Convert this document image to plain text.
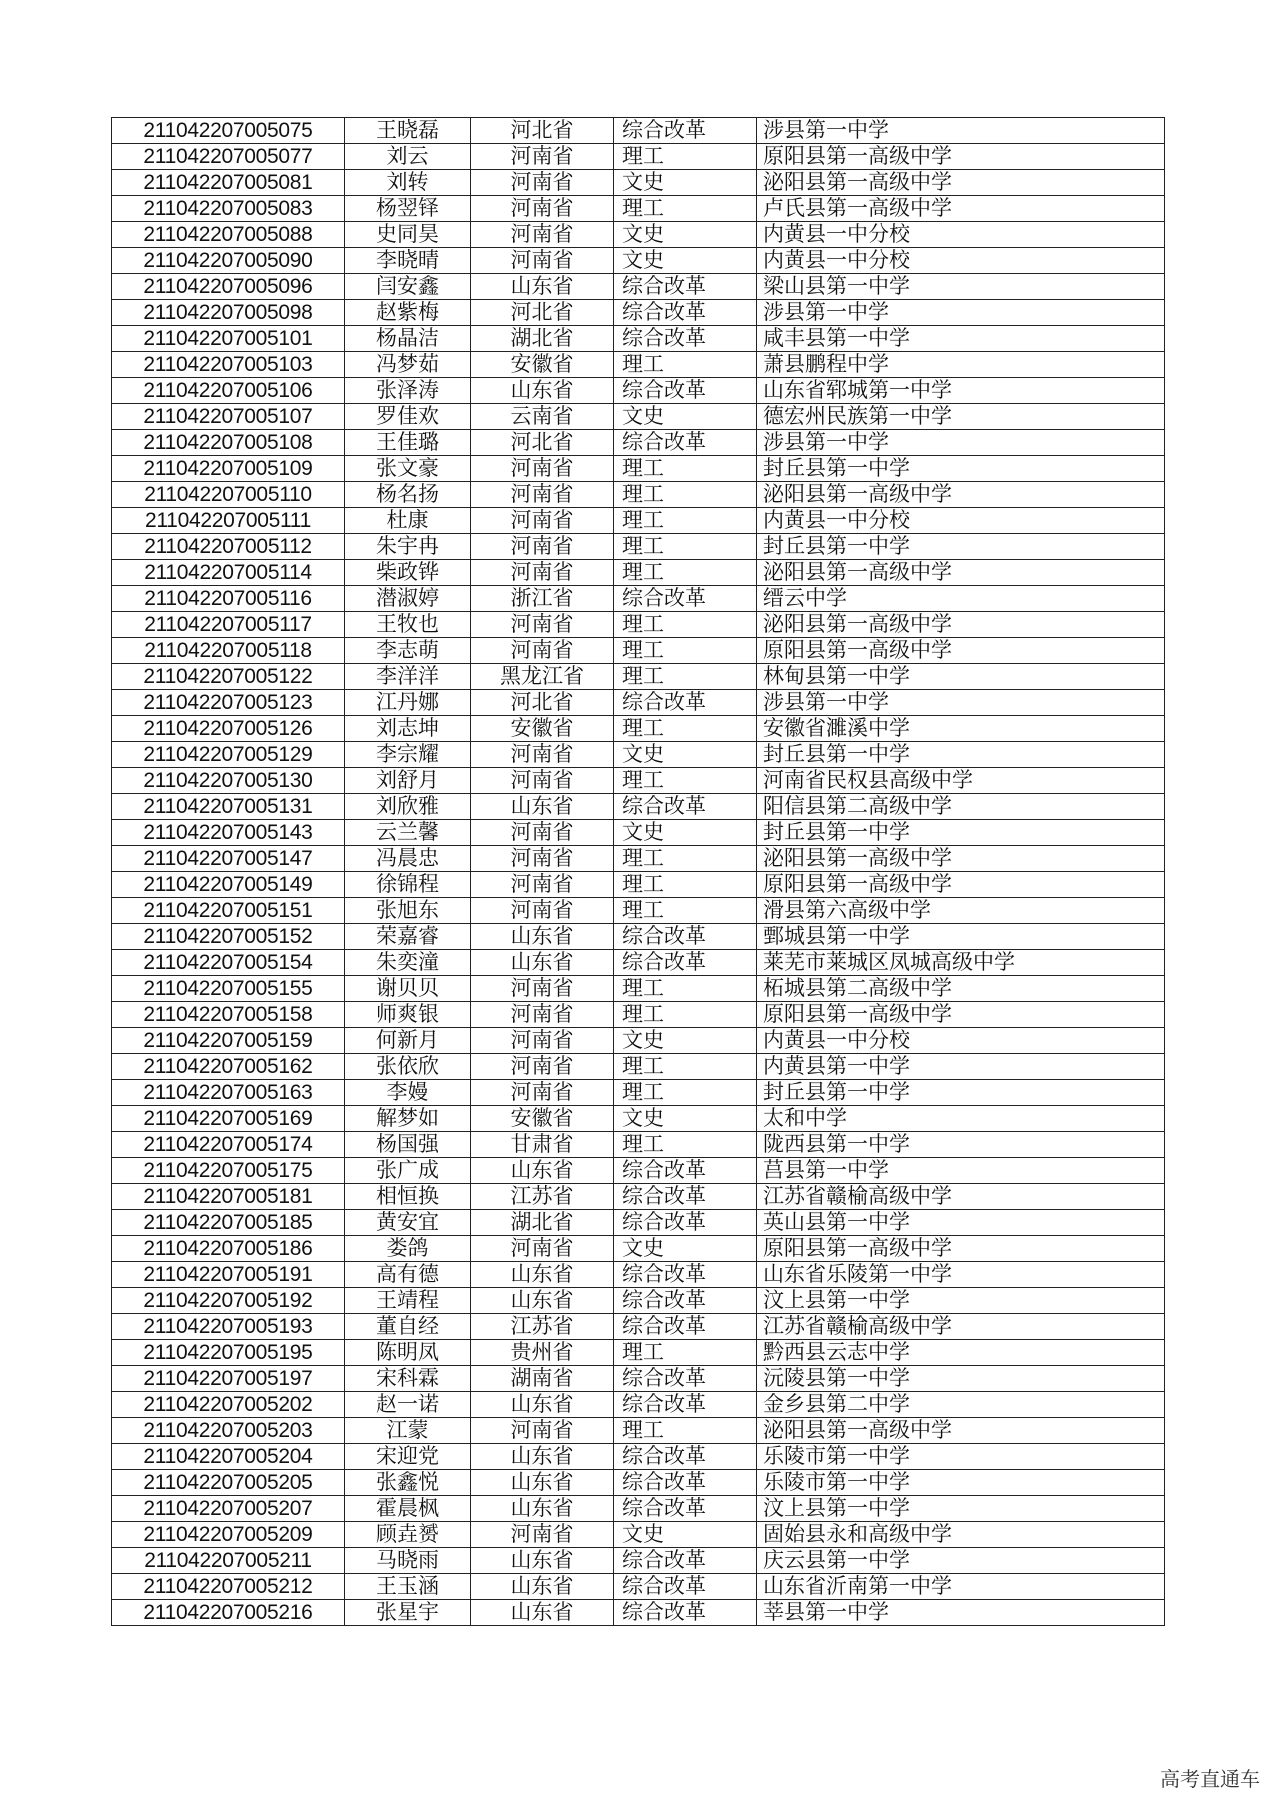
211042207005075	王晓磊	河北省	综合改革	涉县第一中学
211042207005077	刘云	河南省	理工	原阳县第一高级中学
211042207005081	刘转	河南省	文史	泌阳县第一高级中学
211042207005083	杨翌铎	河南省	理工	卢氏县第一高级中学
211042207005088	史同昊	河南省	文史	内黄县一中分校
211042207005090	李晓晴	河南省	文史	内黄县一中分校
211042207005096	闫安鑫	山东省	综合改革	梁山县第一中学
211042207005098	赵紫梅	河北省	综合改革	涉县第一中学
211042207005101	杨晶洁	湖北省	综合改革	咸丰县第一中学
211042207005103	冯梦茹	安徽省	理工	萧县鹏程中学
211042207005106	张泽涛	山东省	综合改革	山东省郓城第一中学
211042207005107	罗佳欢	云南省	文史	德宏州民族第一中学
211042207005108	王佳璐	河北省	综合改革	涉县第一中学
211042207005109	张文豪	河南省	理工	封丘县第一中学
211042207005110	杨名扬	河南省	理工	泌阳县第一高级中学
211042207005111	杜康	河南省	理工	内黄县一中分校
211042207005112	朱宇冉	河南省	理工	封丘县第一中学
211042207005114	柴政铧	河南省	理工	泌阳县第一高级中学
211042207005116	潜淑婷	浙江省	综合改革	缙云中学
211042207005117	王牧也	河南省	理工	泌阳县第一高级中学
211042207005118	李志萌	河南省	理工	原阳县第一高级中学
211042207005122	李洋洋	黑龙江省	理工	林甸县第一中学
211042207005123	江丹娜	河北省	综合改革	涉县第一中学
211042207005126	刘志坤	安徽省	理工	安徽省濉溪中学
211042207005129	李宗耀	河南省	文史	封丘县第一中学
211042207005130	刘舒月	河南省	理工	河南省民权县高级中学
211042207005131	刘欣雅	山东省	综合改革	阳信县第二高级中学
211042207005143	云兰馨	河南省	文史	封丘县第一中学
211042207005147	冯晨忠	河南省	理工	泌阳县第一高级中学
211042207005149	徐锦程	河南省	理工	原阳县第一高级中学
211042207005151	张旭东	河南省	理工	滑县第六高级中学
211042207005152	荣嘉睿	山东省	综合改革	鄄城县第一中学
211042207005154	朱奕潼	山东省	综合改革	莱芜市莱城区凤城高级中学
211042207005155	谢贝贝	河南省	理工	柘城县第二高级中学
211042207005158	师爽银	河南省	理工	原阳县第一高级中学
211042207005159	何新月	河南省	文史	内黄县一中分校
211042207005162	张依欣	河南省	理工	内黄县第一中学
211042207005163	李嫚	河南省	理工	封丘县第一中学
211042207005169	解梦如	安徽省	文史	太和中学
211042207005174	杨国强	甘肃省	理工	陇西县第一中学
211042207005175	张广成	山东省	综合改革	莒县第一中学
211042207005181	相恒换	江苏省	综合改革	江苏省赣榆高级中学
211042207005185	黄安宜	湖北省	综合改革	英山县第一中学
211042207005186	娄鸽	河南省	文史	原阳县第一高级中学
211042207005191	高有德	山东省	综合改革	山东省乐陵第一中学
211042207005192	王靖程	山东省	综合改革	汶上县第一中学
211042207005193	董自经	江苏省	综合改革	江苏省赣榆高级中学
211042207005195	陈明凤	贵州省	理工	黔西县云志中学
211042207005197	宋科霖	湖南省	综合改革	沅陵县第一中学
211042207005202	赵一诺	山东省	综合改革	金乡县第二中学
211042207005203	江蒙	河南省	理工	泌阳县第一高级中学
211042207005204	宋迎党	山东省	综合改革	乐陵市第一中学
211042207005205	张鑫悦	山东省	综合改革	乐陵市第一中学
211042207005207	霍晨枫	山东省	综合改革	汶上县第一中学
211042207005209	顾垚赟	河南省	文史	固始县永和高级中学
211042207005211	马晓雨	山东省	综合改革	庆云县第一中学
211042207005212	王玉涵	山东省	综合改革	山东省沂南第一中学
211042207005216	张星宇	山东省	综合改革	莘县第一中学
高考直通车
